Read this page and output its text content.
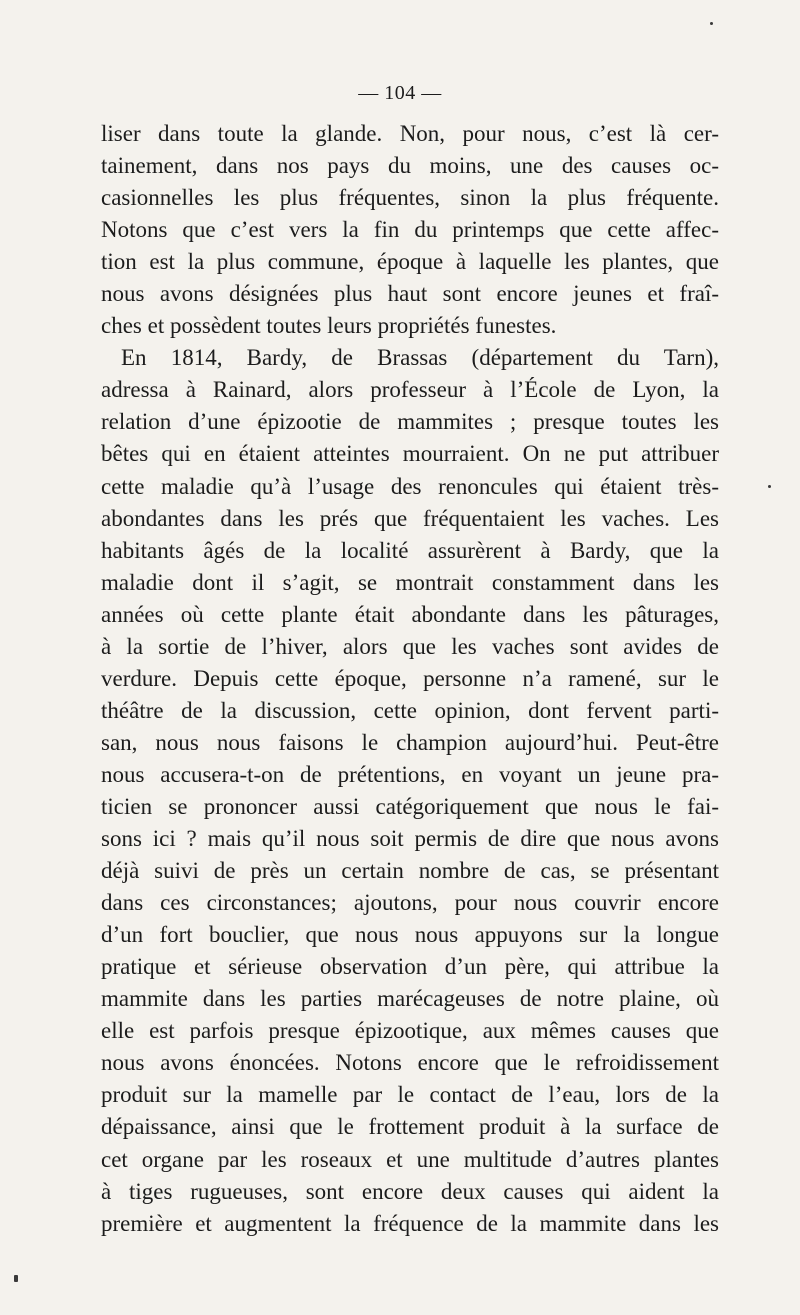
— 104 —
liser dans toute la glande. Non, pour nous, c’est là cer-
tainement, dans nos pays du moins, une des causes oc-
casionnelles les plus fréquentes, sinon la plus fréquente.
Notons que c’est vers la fin du printemps que cette affec-
tion est la plus commune, époque à laquelle les plantes, que
nous avons désignées plus haut sont encore jeunes et fraî-
ches et possèdent toutes leurs propriétés funestes.
En 1814, Bardy, de Brassas (département du Tarn),
adressa à Rainard, alors professeur à l’École de Lyon, la
relation d’une épizootie de mammites ; presque toutes les
bêtes qui en étaient atteintes mourraient. On ne put attribuer
cette maladie qu’à l’usage des renoncules qui étaient très-
abondantes dans les prés que fréquentaient les vaches. Les
habitants âgés de la localité assurèrent à Bardy, que la
maladie dont il s’agit, se montrait constamment dans les
années où cette plante était abondante dans les pâturages,
à la sortie de l’hiver, alors que les vaches sont avides de
verdure. Depuis cette époque, personne n’a ramené, sur le
théâtre de la discussion, cette opinion, dont fervent parti-
san, nous nous faisons le champion aujourd’hui. Peut-être
nous accusera-t-on de prétentions, en voyant un jeune pra-
ticien se prononcer aussi catégoriquement que nous le fai-
sons ici ? mais qu’il nous soit permis de dire que nous avons
déjà suivi de près un certain nombre de cas, se présentant
dans ces circonstances; ajoutons, pour nous couvrir encore
d’un fort bouclier, que nous nous appuyons sur la longue
pratique et sérieuse observation d’un père, qui attribue la
mammite dans les parties marécageuses de notre plaine, où
elle est parfois presque épizootique, aux mêmes causes que
nous avons énoncées. Notons encore que le refroidissement
produit sur la mamelle par le contact de l’eau, lors de la
dépaissance, ainsi que le frottement produit à la surface de
cet organe par les roseaux et une multitude d’autres plantes
à tiges rugueuses, sont encore deux causes qui aident la
première et augmentent la fréquence de la mammite dans les
